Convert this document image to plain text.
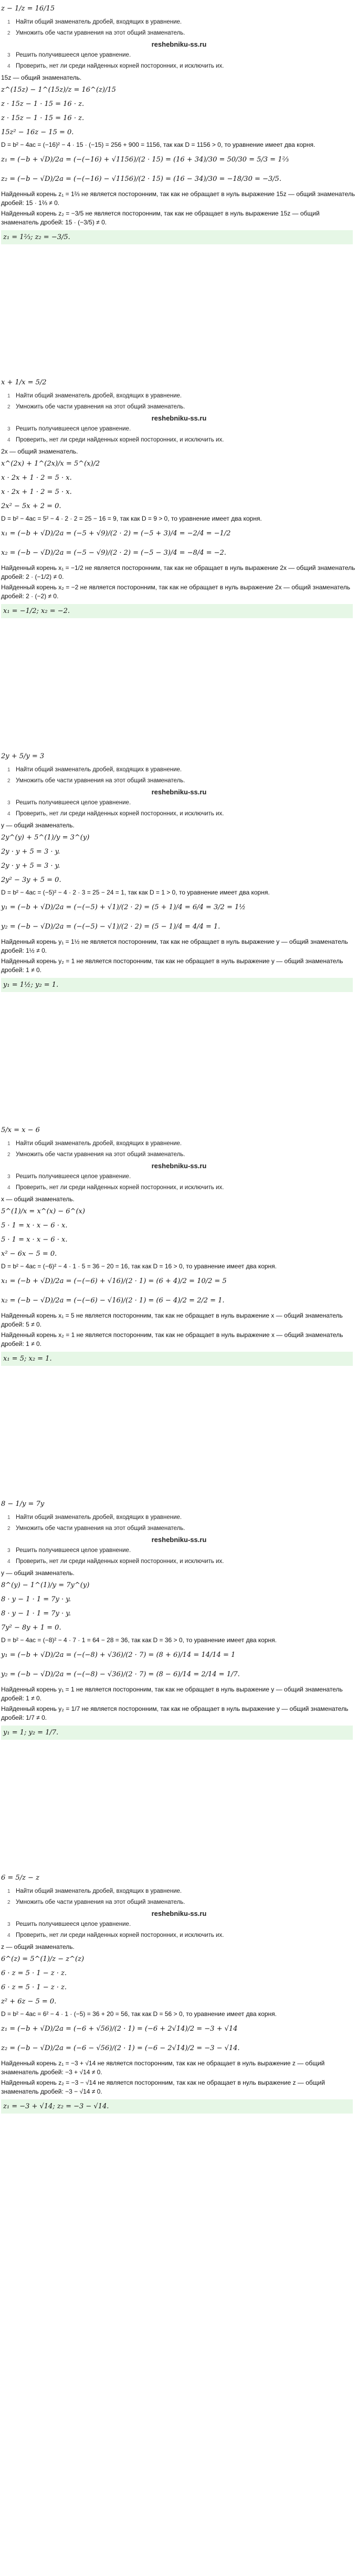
z − 1/z = 16/15
1 Найти общий знаменатель дробей, входящих в уравнение.
2 Умножить обе части уравнения на этот общий знаменатель.
reshebniku-ss.ru
3 Решить получившееся целое уравнение.
4 Проверить, нет ли среди найденных корней посторонних, и исключить их.
15z — общий знаменатель.
z^(15z) − 1^(15z)/z = 16^(z)/15
z · 15z − 1 · 15 = 16 · z.
z · 15z − 1 · 15 = 16 · z.
15z² − 16z − 15 = 0.
D = b² − 4ac = (−16)² − 4 · 15 · (−15) = 256 + 900 = 1156, так как D = 1156 > 0, то уравнение имеет два корня.
z₁ = (−b + √D)/2a = (−(−16) + √1156)/(2 · 15) = (16 + 34)/30 = 50/30 = 5/3 = 1⅔
z₂ = (−b − √D)/2a = (−(−16) − √1156)/(2 · 15) = (16 − 34)/30 = −18/30 = −3/5.
Найденный корень z₁ = 1⅔ не является посторонним, так как не обращает в нуль выражение 15z — общий знаменатель дробей: 15 · 1⅔ ≠ 0.
Найденный корень z₂ = −3/5 не является посторонним, так как не обращает в нуль выражение 15z — общий знаменатель дробей: 15 · (−3/5) ≠ 0.
z₁ = 1⅔; z₂ = −3/5.
x + 1/x = 5/2
1 Найти общий знаменатель дробей, входящих в уравнение.
2 Умножить обе части уравнения на этот общий знаменатель.
reshebniku-ss.ru
3 Решить получившееся целое уравнение.
4 Проверить, нет ли среди найденных корней посторонних, и исключить их.
2x — общий знаменатель.
x^(2x) + 1^(2x)/x = 5^(x)/2
x · 2x + 1 · 2 = 5 · x.
x · 2x + 1 · 2 = 5 · x.
2x² − 5x + 2 = 0.
D = b² − 4ac = 5² − 4 · 2 · 2 = 25 − 16 = 9, так как D = 9 > 0, то уравнение имеет два корня.
x₁ = (−b + √D)/2a = (−5 + √9)/(2 · 2) = (−5 + 3)/4 = −2/4 = −1/2
x₂ = (−b − √D)/2a = (−5 − √9)/(2 · 2) = (−5 − 3)/4 = −8/4 = −2.
Найденный корень x₁ = −1/2 не является посторонним, так как не обращает в нуль выражение 2x — общий знаменатель дробей: 2 · (−1/2) ≠ 0.
Найденный корень x₂ = −2 не является посторонним, так как не обращает в нуль выражение 2x — общий знаменатель дробей: 2 · (−2) ≠ 0.
x₁ = −1/2; x₂ = −2.
2y + 5/y = 3
1 Найти общий знаменатель дробей, входящих в уравнение.
2 Умножить обе части уравнения на этот общий знаменатель.
reshebniku-ss.ru
3 Решить получившееся целое уравнение.
4 Проверить, нет ли среди найденных корней посторонних, и исключить их.
y — общий знаменатель.
2y^(y) + 5^(1)/y = 3^(y)
2y · y + 5 = 3 · y.
2y · y + 5 = 3 · y.
2y² − 3y + 5 = 0.
D = b² − 4ac = (−5)² − 4 · 2 · 3 = 25 − 24 = 1, так как D = 1 > 0, то уравнение имеет два корня.
y₁ = (−b + √D)/2a = (−(−5) + √1)/(2 · 2) = (5 + 1)/4 = 6/4 = 3/2 = 1½
y₂ = (−b − √D)/2a = (−(−5) − √1)/(2 · 2) = (5 − 1)/4 = 4/4 = 1.
Найденный корень y₁ = 1½ не является посторонним, так как не обращает в нуль выражение y — общий знаменатель дробей: 1½ ≠ 0.
Найденный корень y₂ = 1 не является посторонним, так как не обращает в нуль выражение y — общий знаменатель дробей: 1 ≠ 0.
y₁ = 1½; y₂ = 1.
5/x = x − 6
1 Найти общий знаменатель дробей, входящих в уравнение.
2 Умножить обе части уравнения на этот общий знаменатель.
reshebniku-ss.ru
3 Решить получившееся целое уравнение.
4 Проверить, нет ли среди найденных корней посторонних, и исключить их.
x — общий знаменатель.
5^(1)/x = x^(x) − 6^(x)
5 · 1 = x · x − 6 · x.
5 · 1 = x · x − 6 · x.
x² − 6x − 5 = 0.
D = b² − 4ac = (−6)² − 4 · 1 · 5 = 36 − 20 = 16, так как D = 16 > 0, то уравнение имеет два корня.
x₁ = (−b + √D)/2a = (−(−6) + √16)/(2 · 1) = (6 + 4)/2 = 10/2 = 5
x₂ = (−b − √D)/2a = (−(−6) − √16)/(2 · 1) = (6 − 4)/2 = 2/2 = 1.
Найденный корень x₁ = 5 не является посторонним, так как не обращает в нуль выражение x — общий знаменатель дробей: 5 ≠ 0.
Найденный корень x₂ = 1 не является посторонним, так как не обращает в нуль выражение x — общий знаменатель дробей: 1 ≠ 0.
x₁ = 5; x₂ = 1.
8 − 1/y = 7y
1 Найти общий знаменатель дробей, входящих в уравнение.
2 Умножить обе части уравнения на этот общий знаменатель.
reshebniku-ss.ru
3 Решить получившееся целое уравнение.
4 Проверить, нет ли среди найденных корней посторонних, и исключить их.
y — общий знаменатель.
8^(y) − 1^(1)/y = 7y^(y)
8 · y − 1 · 1 = 7y · y.
8 · y − 1 · 1 = 7y · y.
7y² − 8y + 1 = 0.
D = b² − 4ac = (−8)² − 4 · 7 · 1 = 64 − 28 = 36, так как D = 36 > 0, то уравнение имеет два корня.
y₁ = (−b + √D)/2a = (−(−8) + √36)/(2 · 7) = (8 + 6)/14 = 14/14 = 1
y₂ = (−b − √D)/2a = (−(−8) − √36)/(2 · 7) = (8 − 6)/14 = 2/14 = 1/7.
Найденный корень y₁ = 1 не является посторонним, так как не обращает в нуль выражение y — общий знаменатель дробей: 1 ≠ 0.
Найденный корень y₂ = 1/7 не является посторонним, так как не обращает в нуль выражение y — общий знаменатель дробей: 1/7 ≠ 0.
y₁ = 1; y₂ = 1/7.
6 = 5/z − z
1 Найти общий знаменатель дробей, входящих в уравнение.
2 Умножить обе части уравнения на этот общий знаменатель.
reshebniku-ss.ru
3 Решить получившееся целое уравнение.
4 Проверить, нет ли среди найденных корней посторонних, и исключить их.
z — общий знаменатель.
6^(z) = 5^(1)/z − z^(z)
6 · z = 5 · 1 − z · z.
6 · z = 5 · 1 − z · z.
z² + 6z − 5 = 0.
D = b² − 4ac = 6² − 4 · 1 · (−5) = 36 + 20 = 56, так как D = 56 > 0, то уравнение имеет два корня.
z₁ = (−b + √D)/2a = (−6 + √56)/(2 · 1) = (−6 + 2√14)/2 = −3 + √14
z₂ = (−b − √D)/2a = (−6 − √56)/(2 · 1) = (−6 − 2√14)/2 = −3 − √14.
Найденный корень z₁ = −3 + √14 не является посторонним, так как не обращает в нуль выражение z — общий знаменатель дробей: −3 + √14 ≠ 0.
Найденный корень z₂ = −3 − √14 не является посторонним, так как не обращает в нуль выражение z — общий знаменатель дробей: −3 − √14 ≠ 0.
z₁ = −3 + √14; z₂ = −3 − √14.
